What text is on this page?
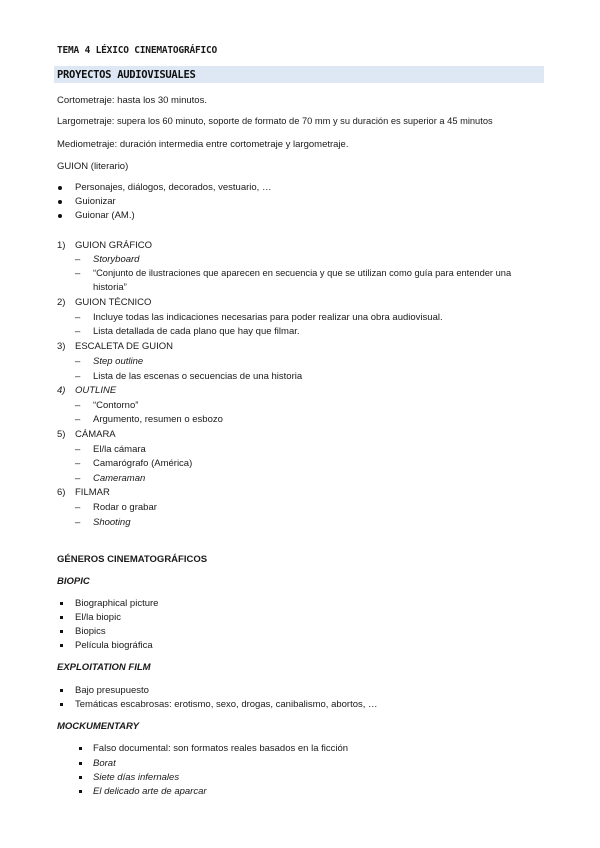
TEMA 4 LÉXICO CINEMATOGRÁFICO
PROYECTOS AUDIOVISUALES
Cortometraje: hasta los 30 minutos.
Largometraje: supera los 60 minuto, soporte de formato de 70 mm y su duración es superior a 45 minutos
Mediometraje: duración intermedia entre cortometraje y largometraje.
GUION (literario)
Personajes, diálogos, decorados, vestuario, …
Guionizar
Guionar (AM.)
1) GUION GRÁFICO
– Storyboard
– “Conjunto de ilustraciones que aparecen en secuencia y que se utilizan como guía para entender una
historia”
2) GUION TÉCNICO
– Incluye todas las indicaciones necesarias para poder realizar una obra audiovisual.
– Lista detallada de cada plano que hay que filmar.
3) ESCALETA DE GUION
– Step outline
– Lista de las escenas o secuencias de una historia
4) OUTLINE
– “Contorno”
– Argumento, resumen o esbozo
5) CÁMARA
– El/la cámara
– Camarógrafo (América)
– Cameraman
6) FILMAR
– Rodar o grabar
– Shooting
GÉNEROS CINEMATOGRÁFICOS
BIOPIC
Biographical picture
El/la biopic
Biopics
Película biográfica
EXPLOITATION FILM
Bajo presupuesto
Temáticas escabrosas: erotismo, sexo, drogas, canibalismo, abortos, …
MOCKUMENTARY
Falso documental: son formatos reales basados en la ficción
Borat
Siete días infernales
El delicado arte de aparcar
